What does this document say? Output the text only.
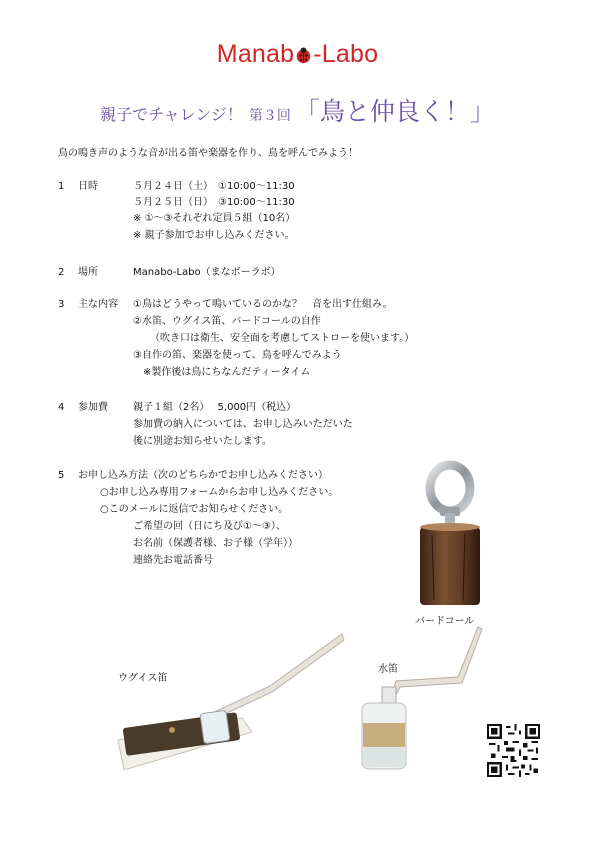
Manab -Labo
親子でチャレンジ！ 第３回 「鳥と仲良く！」
鳥の鳴き声のような音が出る笛や楽器を作り、鳥を呼んでみよう！
1 日時	５月２４日（土）　①10:00〜11:30
５月２５日（日）　③10:00〜11:30
※ ①〜③それぞれ定員５組（10名）
※ 親子参加でお申し込みください。
2 場所	Manabo-Labo（まなボーラボ）
3 主な内容 ①鳥はどうやって鳴いているのかな？　音を出す仕組み。
②水笛、ウグイス笛、バードコールの自作
（吹き口は衛生、安全面を考慮してストローを使います。）
③自作の笛、楽器を使って、鳥を呼んでみよう
※製作後は鳥にちなんだティータイム
4 参加費	親子１組（2名）　 5,000円（税込）
参加費の納入については、お申し込みいただいた
後に別途お知らせいたします。
5 お申し込み方法（次のどちらかでお申し込みください）
○お申し込み専用フォームからお申し込みください。
○このメールに返信でお知らせください。
ご希望の回（日にち及び①〜③）、
お名前（保護者様、お子様（学年））
連絡先お電話番号
バードコール
ウグイス笛
水笛
